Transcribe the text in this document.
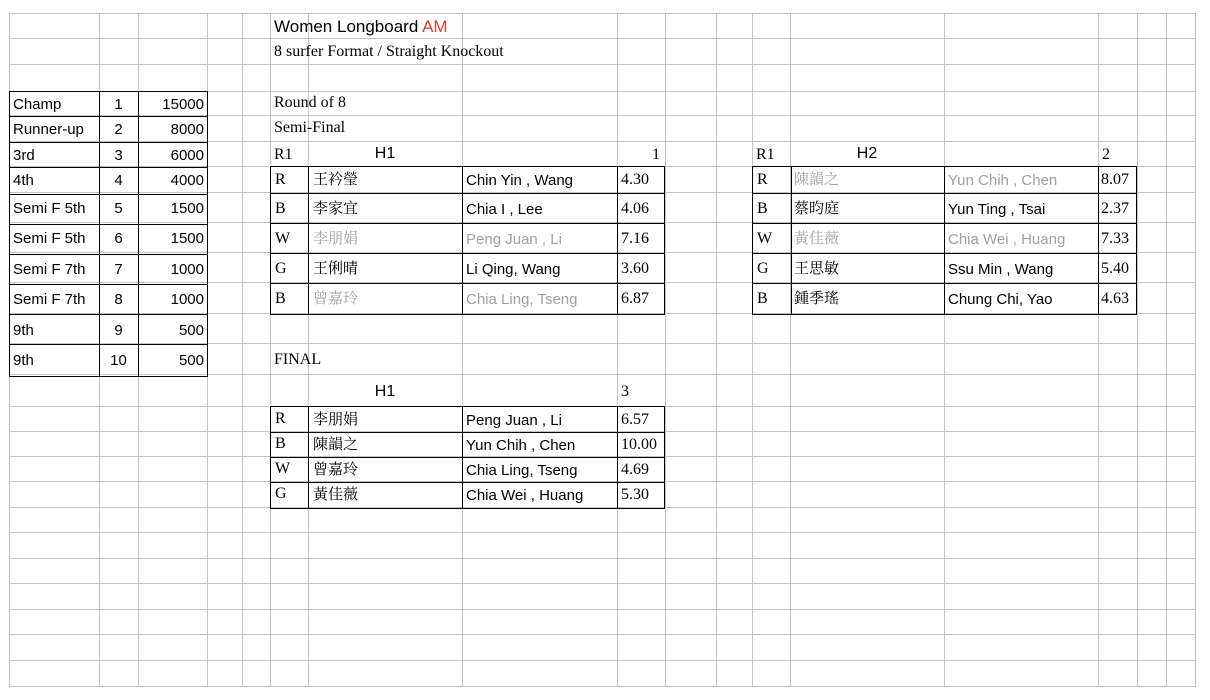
Women Longboard AM
8 surfer Format / Straight Knockout
Champ	1	15000
Runner-up	2	8000
3rd	3	6000
4th	4	4000
Semi F 5th	5	1500
Semi F 5th	6	1500
Semi F 7th	7	1000
Semi F 7th	8	1000
9th	9	500
9th	10	500
Round of 8
Semi-Final
FINAL
R1	H1	1
R 王衿瑩	Chin Yin , Wang	4.30
B 李家宜	Chia I , Lee	4.06
W 李朋娟	Peng Juan , Li	7.16
G 王俐晴	Li Qing, Wang	3.60
B 曾嘉玲	Chia Ling, Tseng	6.87
R1	H2	2
R 陳韻之	Yun Chih , Chen	8.07
B 蔡昀庭	Yun Ting , Tsai	2.37
W 黃佳薇	Chia Wei , Huang 7.33
G 王思敏	Ssu Min , Wang	5.40
B 鍾季瑤	Chung Chi, Yao	4.63
H1	3
R 李朋娟	Peng Juan , Li	6.57
B 陳韻之	Yun Chih , Chen	10.00
W 曾嘉玲	Chia Ling, Tseng	4.69
G 黃佳薇	Chia Wei , Huang 5.30
